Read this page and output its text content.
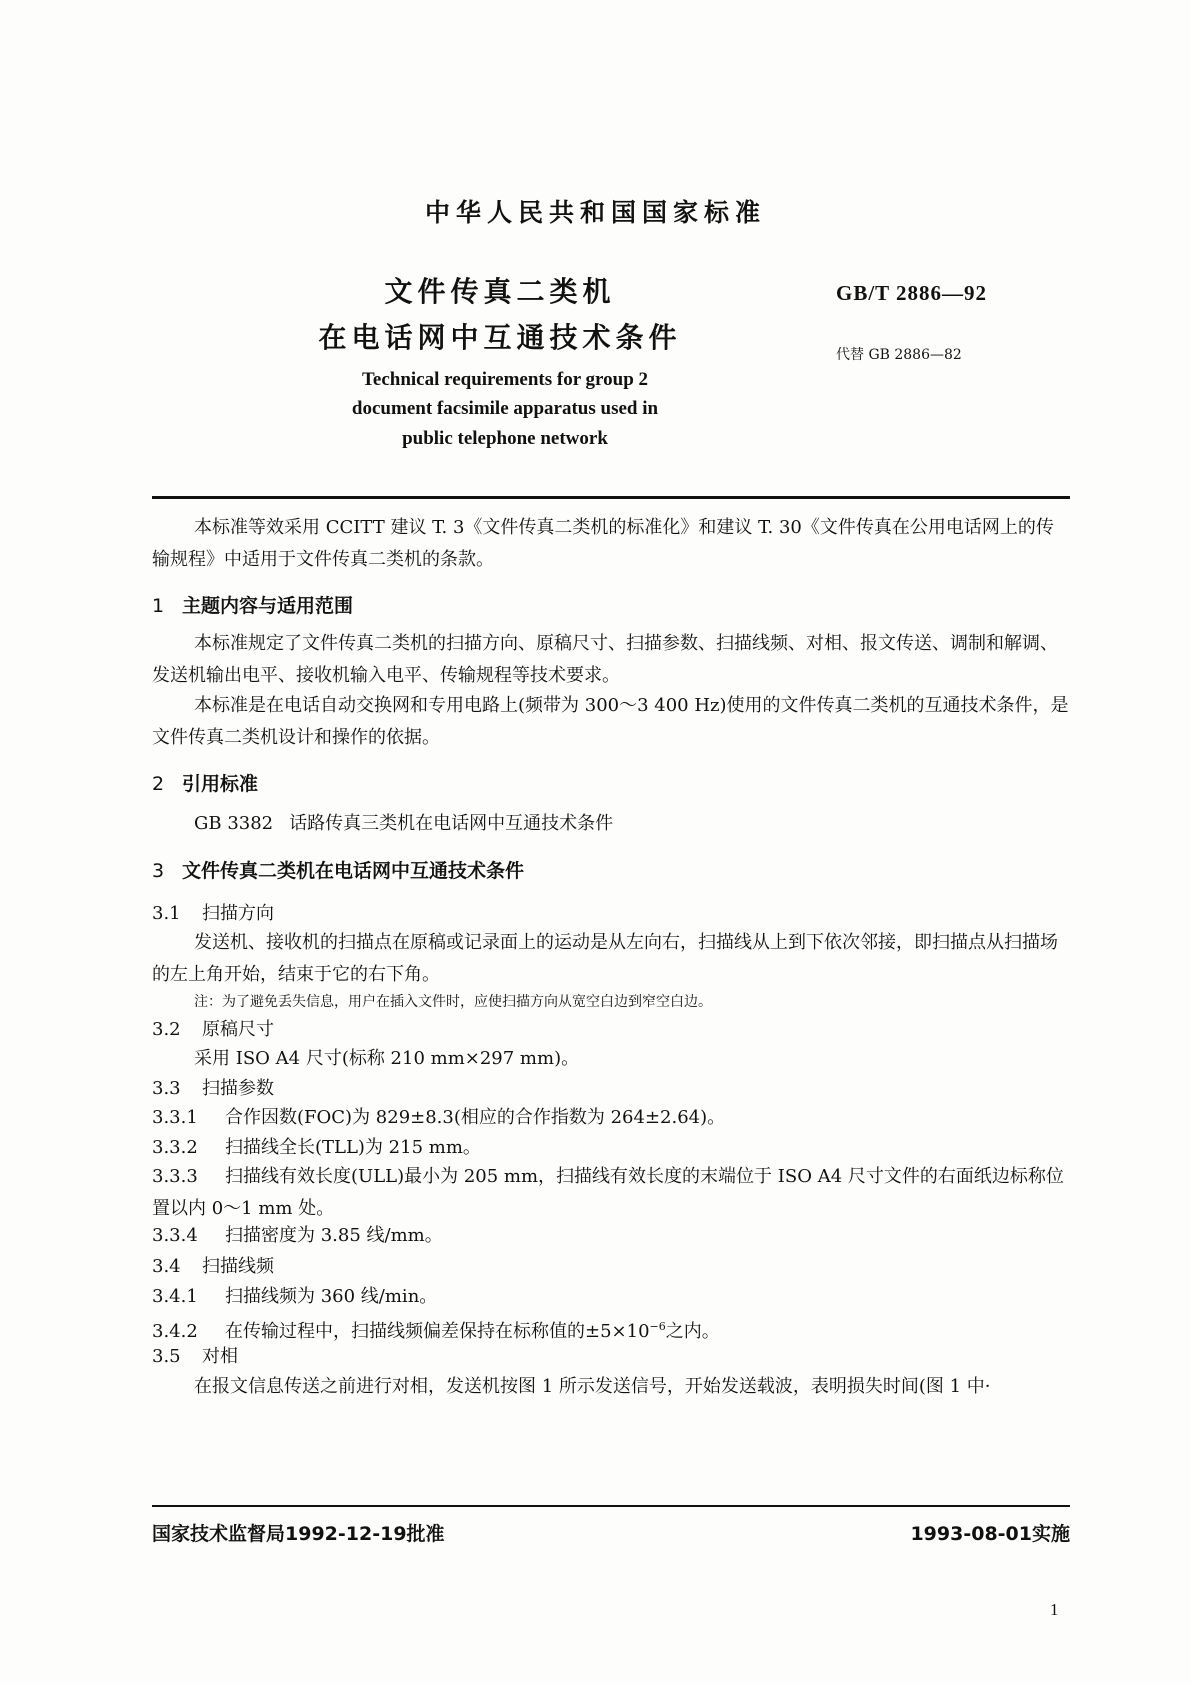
中华人民共和国国家标准
文件传真二类机
在电话网中互通技术条件
GB/T 2886—92
代替 GB 2886—82
Technical requirements for group 2
document facsimile apparatus used in
public telephone network
本标准等效采用 CCITT 建议 T. 3《文件传真二类机的标准化》和建议 T. 30《文件传真在公用电话网上的传输规程》中适用于文件传真二类机的条款。
1 主题内容与适用范围
本标准规定了文件传真二类机的扫描方向、原稿尺寸、扫描参数、扫描线频、对相、报文传送、调制和解调、发送机输出电平、接收机输入电平、传输规程等技术要求。
本标准是在电话自动交换网和专用电路上(频带为 300～3 400 Hz)使用的文件传真二类机的互通技术条件，是文件传真二类机设计和操作的依据。
2 引用标准
GB 3382 话路传真三类机在电话网中互通技术条件
3 文件传真二类机在电话网中互通技术条件
3.1 扫描方向
发送机、接收机的扫描点在原稿或记录面上的运动是从左向右，扫描线从上到下依次邻接，即扫描点从扫描场的左上角开始，结束于它的右下角。
注：为了避免丢失信息，用户在插入文件时，应使扫描方向从宽空白边到窄空白边。
3.2 原稿尺寸
采用 ISO A4 尺寸(标称 210 mm×297 mm)。
3.3 扫描参数
3.3.1 合作因数(FOC)为 829±8.3(相应的合作指数为 264±2.64)。
3.3.2 扫描线全长(TLL)为 215 mm。
3.3.3 扫描线有效长度(ULL)最小为 205 mm，扫描线有效长度的末端位于 ISO A4 尺寸文件的右面纸边标称位置以内 0～1 mm 处。
3.3.4 扫描密度为 3.85 线/mm。
3.4 扫描线频
3.4.1 扫描线频为 360 线/min。
3.4.2 在传输过程中，扫描线频偏差保持在标称值的$\pm 5\times 10^{-6}$之内。
3.5 对相
在报文信息传送之前进行对相，发送机按图 1 所示发送信号，开始发送载波，表明损失时间(图 1 中·
国家技术监督局1992-12-19批准	1993-08-01实施
1
